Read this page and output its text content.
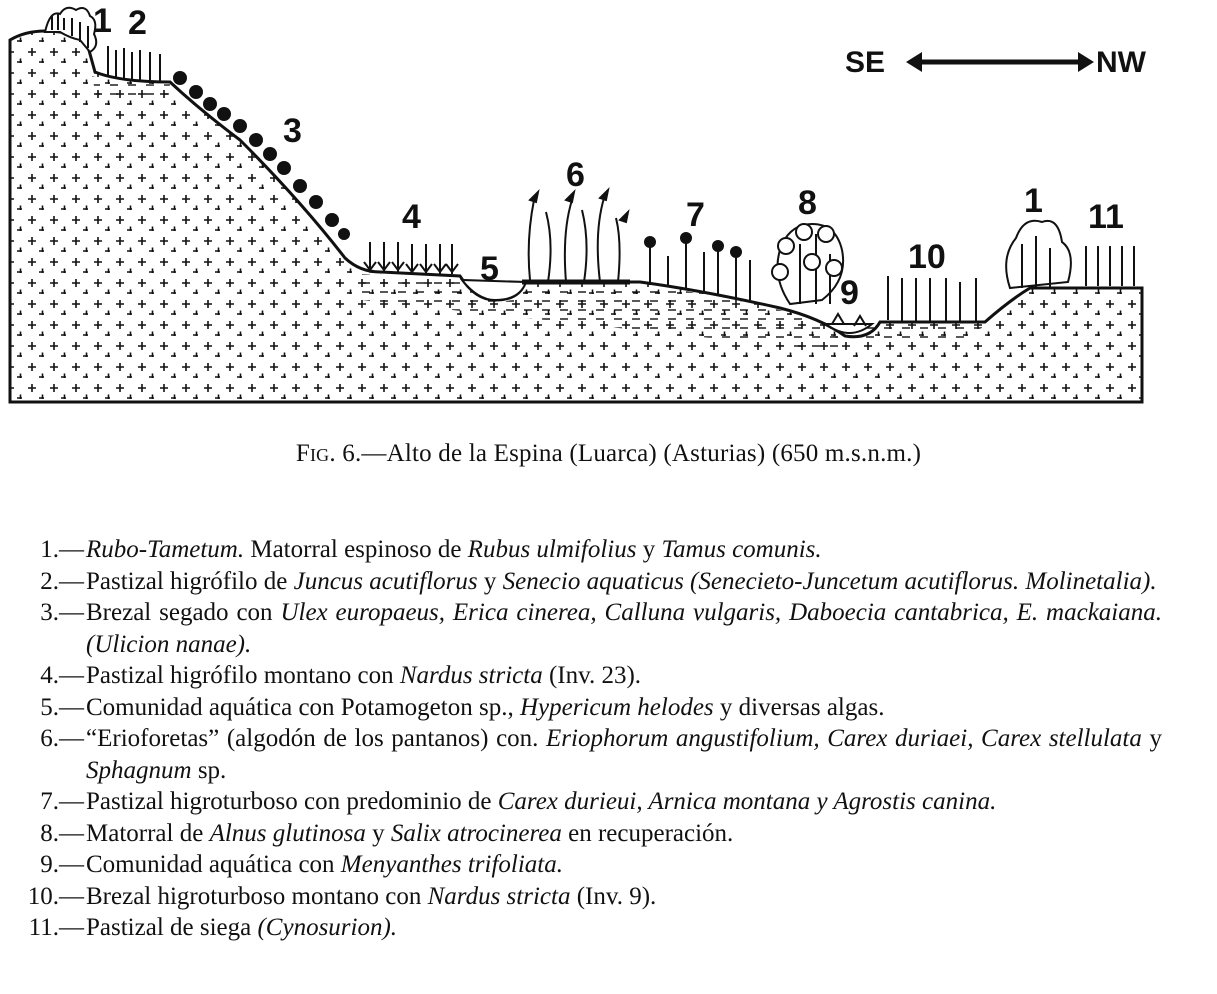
1 2
3
4
5
6
7	8
9
10
1 11
SE	NW
Fig. 6.—Alto de la Espina (Luarca) (Asturias) (650 m.s.n.m.)
1.— Rubo-Tametum. Matorral espinoso de Rubus ulmifolius y Tamus comunis.
2.— Pastizal higrófilo de Juncus acutiflorus y Senecio aquaticus (Senecieto-Juncetum acutiflorus. Molinetalia).
3.— Brezal segado con Ulex europaeus, Erica cinerea, Calluna vulgaris, Daboecia cantabrica, E. mackaiana. (Ulicion nanae).
4.— Pastizal higrófilo montano con Nardus stricta (Inv. 23).
5.— Comunidad aquática con Potamogeton sp., Hypericum helodes y diversas algas.
6.— “Erioforetas” (algodón de los pantanos) con. Eriophorum angustifolium, Carex duriaei, Carex stellulata y Sphagnum sp.
7.— Pastizal higroturboso con predominio de Carex durieui, Arnica montana y Agrostis canina.
8.— Matorral de Alnus glutinosa y Salix atrocinerea en recuperación.
9.— Comunidad aquática con Menyanthes trifoliata.
10.— Brezal higroturboso montano con Nardus stricta (Inv. 9).
11.— Pastizal de siega (Cynosurion).
